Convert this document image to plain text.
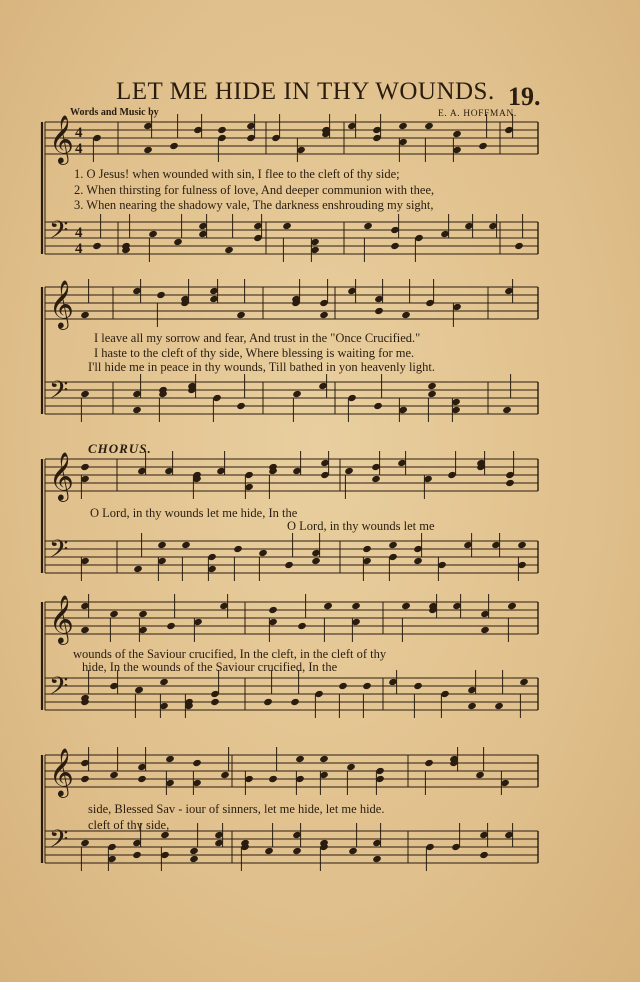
LET ME HIDE IN THY WOUNDS. 19.
Words and Music by	E. A. HOFFMAN.
𝄞 4
4
𝄢 4
4
𝄞
𝄢
𝄞
𝄢
𝄞
𝄢
𝄞
𝄢
1. O Jesus! when wounded with sin, I flee to the cleft of thy side;
2. When thirsting for fulness of love, And deeper communion with thee,
3. When nearing the shadowy vale, The darkness enshrouding my sight,
I leave all my sorrow and fear, And trust in the "Once Crucified."
I haste to the cleft of thy side, Where blessing is waiting for me.
I'll hide me in peace in thy wounds, Till bathed in yon heavenly light.
CHORUS.
O Lord, in thy wounds let me hide, In the
O Lord, in thy wounds let me
wounds of the Saviour crucified, In the cleft, in the cleft of thy
hide, In the wounds of the Saviour crucified, In the
side, Blessed Sav - iour of sinners, let me hide, let me hide.
cleft of thy side,
